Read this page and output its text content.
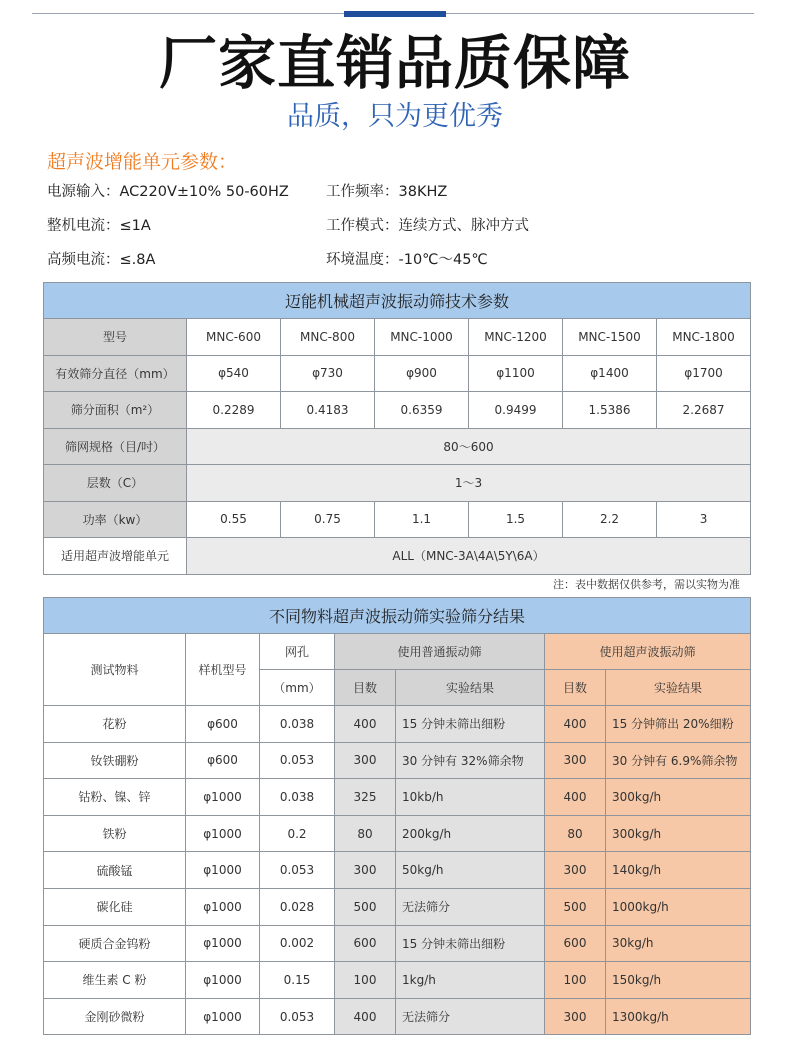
厂家直销品质保障
品质，只为更优秀
超声波增能单元参数：
电源输入：AC220V±10% 50-60HZ	工作频率：38KHZ
整机电流：≤1A	工作模式：连续方式、脉冲方式
高频电流：≤.8A	环境温度：-10℃～45℃
迈能机械超声波振动筛技术参数						
型号	MNC-600	MNC-800	MNC-1000	MNC-1200	MNC-1500	MNC-1800
有效筛分直径（mm）	φ540	φ730	φ900	φ1100	φ1400	φ1700
筛分面积（m²）	0.2289	0.4183	0.6359	0.9499	1.5386	2.2687
筛网规格（目/吋）	80～600					
层数（C）	1～3					
功率（kw）	0.55	0.75	1.1	1.5	2.2	3
适用超声波增能单元	ALL（MNC-3A\4A\5Y\6A）					
注：表中数据仅供参考，需以实物为准
不同物料超声波振动筛实验筛分结果						
测试物料	样机型号	网孔	使用普通振动筛		使用超声波振动筛	
		（mm）	目数	实验结果	目数	实验结果
花粉	φ600	0.038	400	15 分钟未筛出细粉	400	15 分钟筛出 20%细粉
钕铁硼粉	φ600	0.053	300	30 分钟有 32%筛余物	300	30 分钟有 6.9%筛余物
钴粉、镍、锌	φ1000	0.038	325	10kb/h	400	300kg/h
铁粉	φ1000	0.2	80	200kg/h	80	300kg/h
硫酸锰	φ1000	0.053	300	50kg/h	300	140kg/h
碳化硅	φ1000	0.028	500	无法筛分	500	1000kg/h
硬质合金钨粉	φ1000	0.002	600	15 分钟未筛出细粉	600	30kg/h
维生素 C 粉	φ1000	0.15	100	1kg/h	100	150kg/h
金刚砂微粉	φ1000	0.053	400	无法筛分	300	1300kg/h
